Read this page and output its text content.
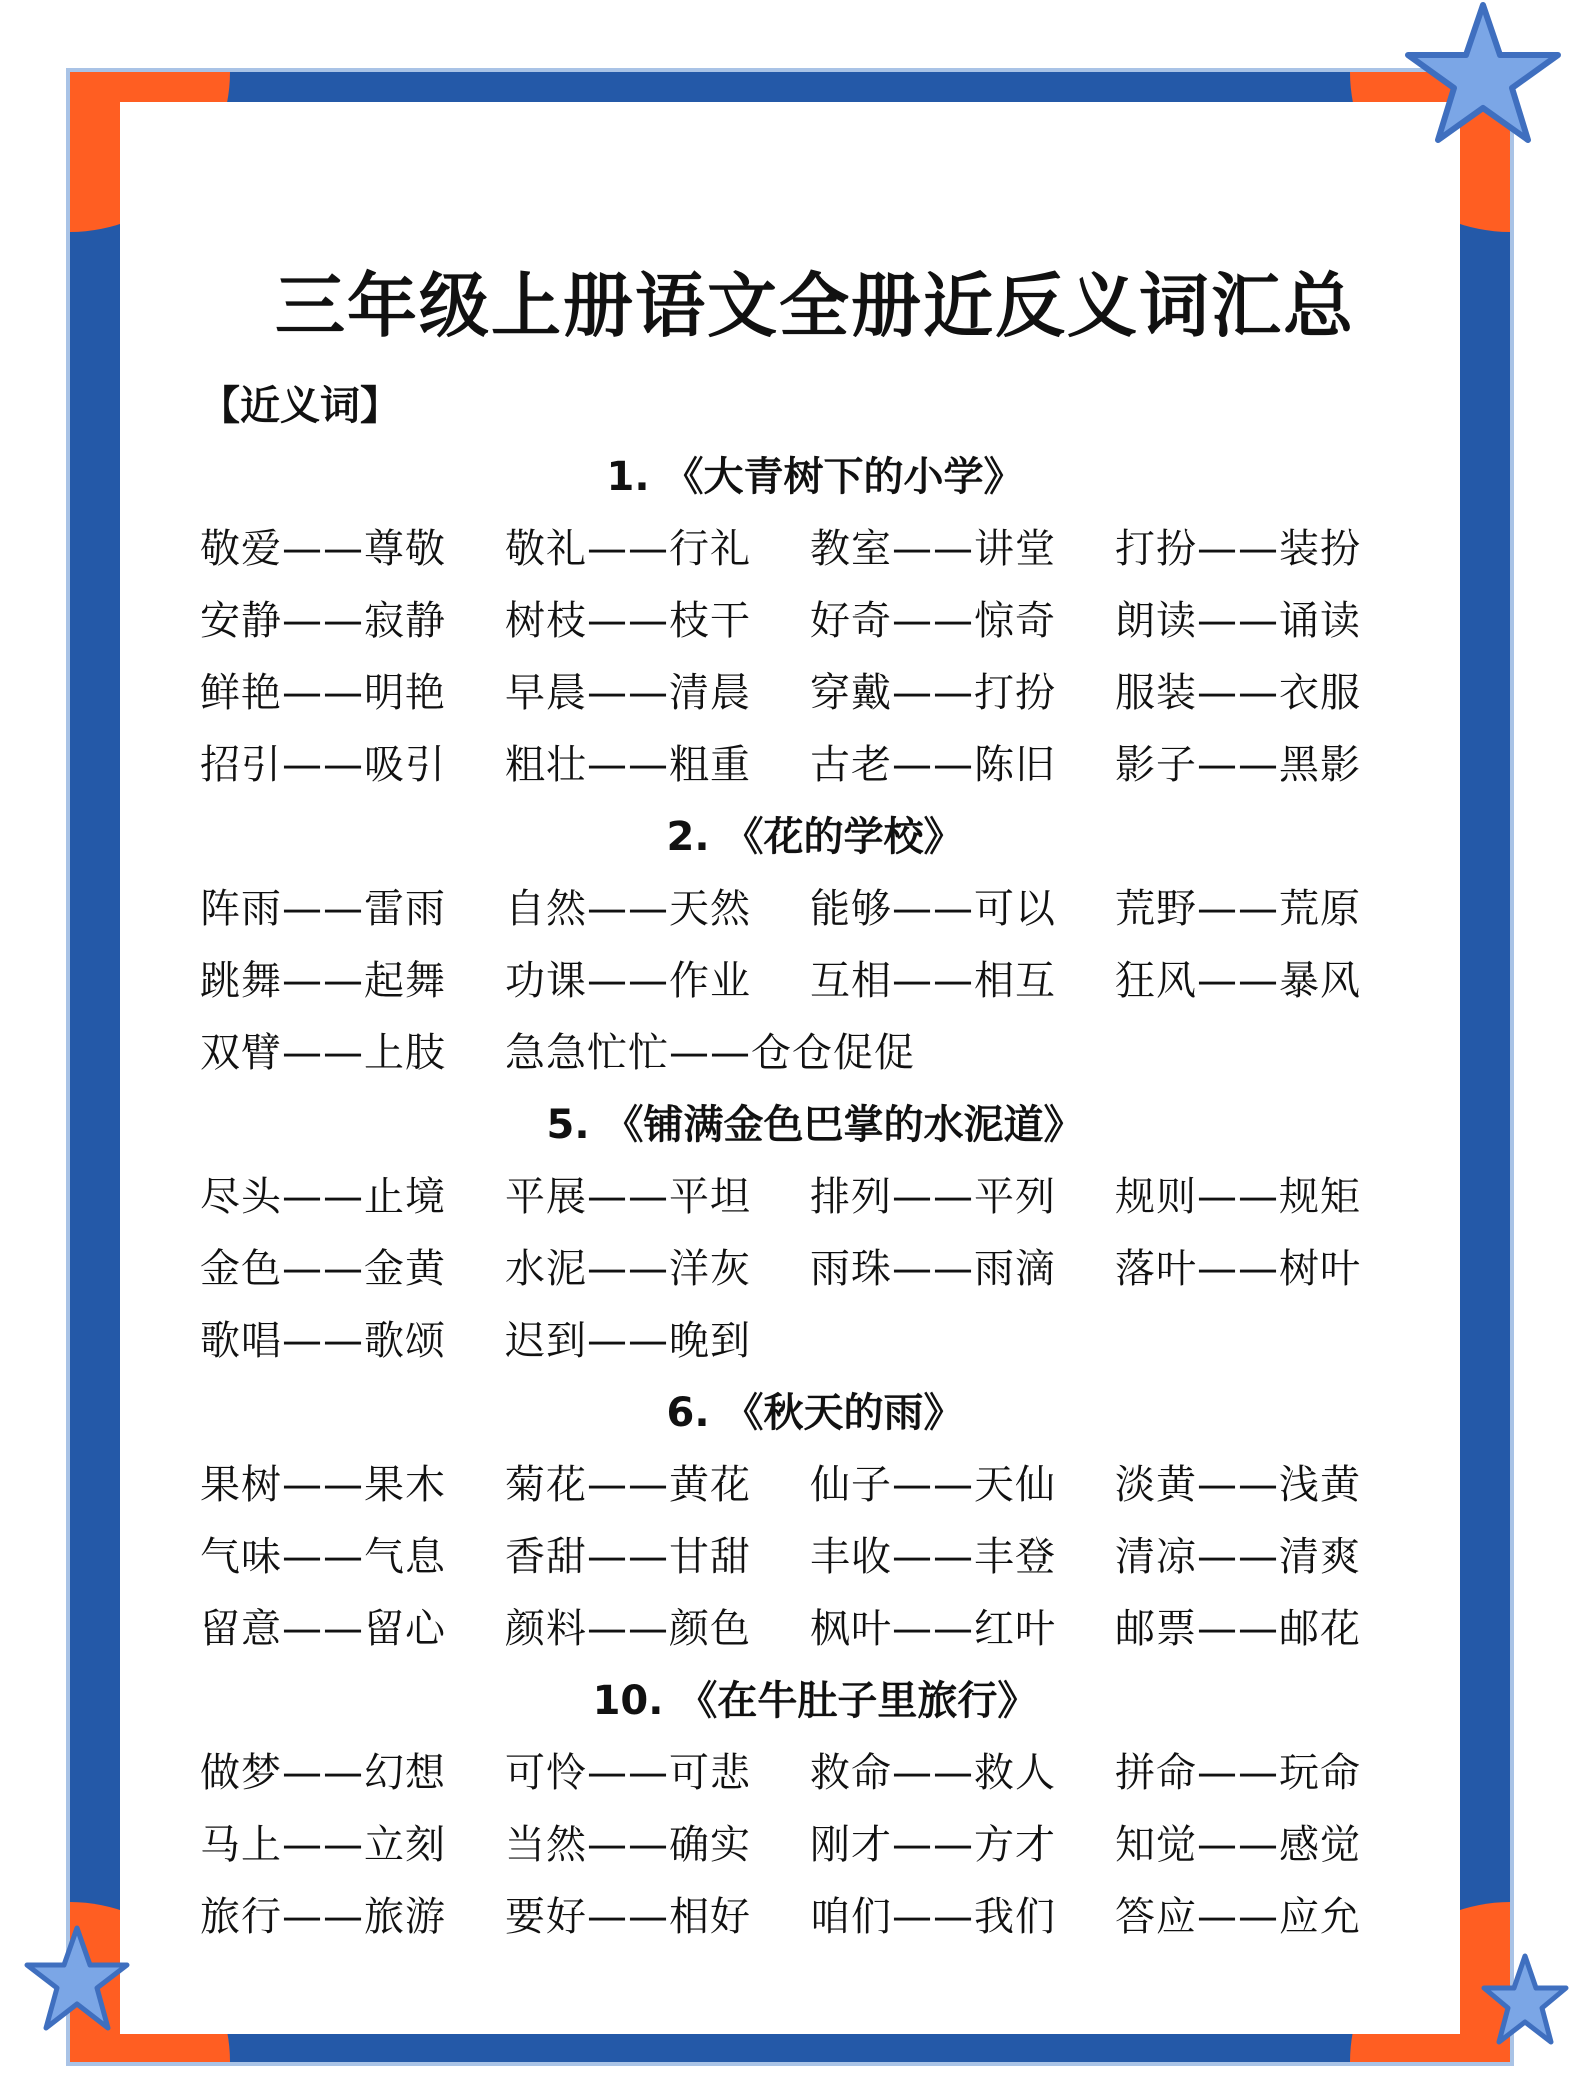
三年级上册语文全册近反义词汇总
【近义词】
1. 《大青树下的小学》
敬爱——尊敬 敬礼——行礼 教室——讲堂 打扮——装扮
安静——寂静 树枝——枝干 好奇——惊奇 朗读——诵读
鲜艳——明艳 早晨——清晨 穿戴——打扮 服装——衣服
招引——吸引 粗壮——粗重 古老——陈旧 影子——黑影
2. 《花的学校》
阵雨——雷雨 自然——天然 能够——可以 荒野——荒原
跳舞——起舞 功课——作业 互相——相互 狂风——暴风
双臂——上肢 急急忙忙——仓仓促促
5. 《铺满金色巴掌的水泥道》
尽头——止境 平展——平坦 排列——平列 规则——规矩
金色——金黄 水泥——洋灰 雨珠——雨滴 落叶——树叶
歌唱——歌颂 迟到——晚到
6. 《秋天的雨》
果树——果木 菊花——黄花 仙子——天仙 淡黄——浅黄
气味——气息 香甜——甘甜 丰收——丰登 清凉——清爽
留意——留心 颜料——颜色 枫叶——红叶 邮票——邮花
10. 《在牛肚子里旅行》
做梦——幻想 可怜——可悲 救命——救人 拼命——玩命
马上——立刻 当然——确实 刚才——方才 知觉——感觉
旅行——旅游 要好——相好 咱们——我们 答应——应允
